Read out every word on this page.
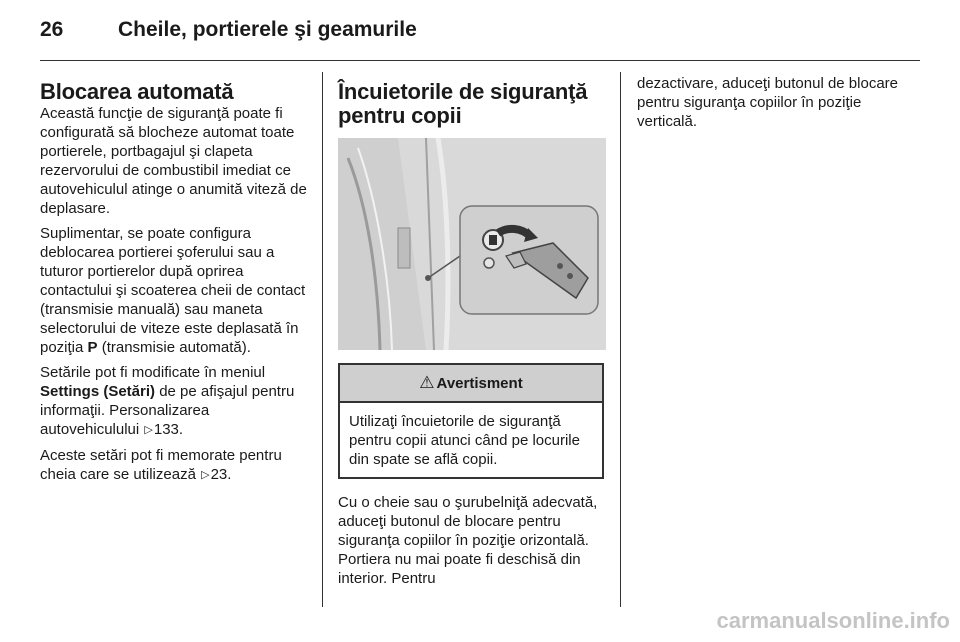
26	Cheile, portierele şi geamurile
Blocarea automată

Această funcţie de siguranţă poate fi configurată să blocheze automat toate portierele, portbagajul şi clapeta rezervorului de combustibil imediat ce autovehiculul atinge o anumită viteză de deplasare.

Suplimentar, se poate configura deblocarea portierei şoferului sau a tuturor portierelor după oprirea contactului şi scoaterea cheii de contact (transmisie manuală) sau maneta selectorului de viteze este deplasată în poziţia P (transmisie automată).

Setările pot fi modificate în meniul Settings (Setări) de pe afişajul pentru informaţii. Personalizarea autovehiculului ▷133.

Aceste setări pot fi memorate pentru cheia care se utilizează ▷23.

Încuietorile de siguranţă pentru copii
⚠ Avertisment
Utilizaţi încuietorile de siguranţă pentru copii atunci când pe locurile din spate se află copii.

Cu o cheie sau o şurubelniţă adecvată, aduceţi butonul de blocare pentru siguranţa copiilor în poziţie orizontală. Portiera nu mai poate fi deschisă din interior. Pentru

dezactivare, aduceţi butonul de blocare pentru siguranţa copiilor în poziţie verticală.

carmanualsonline.info
